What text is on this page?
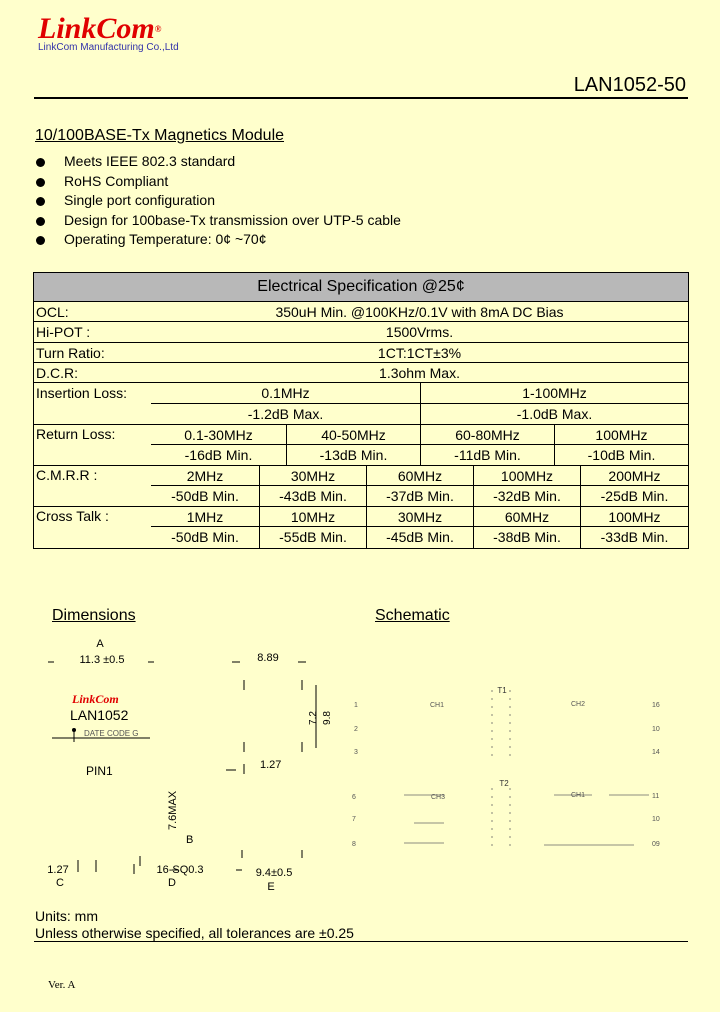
LinkCom®
LinkCom Manufacturing Co.,Ltd
LAN1052-50
10/100BASE-Tx Magnetics Module
Meets IEEE 802.3 standard
RoHS Compliant
Single port configuration
Design for 100base-Tx transmission over UTP-5 cable
Operating Temperature: 0¢ ~70¢
Electrical Specification @25¢
OCL:	350uH Min. @100KHz/0.1V with 8mA DC Bias
Hi-POT :	1500Vrms.
Turn Ratio:	1CT:1CT±3%
D.C.R:	1.3ohm Max.
Insertion Loss:	0.1MHz	1-100MHz
-1.2dB Max.	-1.0dB Max.
Return Loss:	0.1-30MHz	40-50MHz	60-80MHz	100MHz
-16dB Min.	-13dB Min.	-11dB Min.	-10dB Min.
C.M.R.R :	2MHz	30MHz	60MHz	100MHz	200MHz
-50dB Min.	-43dB Min.	-37dB Min.	-32dB Min.	-25dB Min.
Cross Talk :	1MHz	10MHz	30MHz	60MHz	100MHz
-50dB Min.	-55dB Min.	-45dB Min.	-38dB Min.	-33dB Min.
Dimensions
A
11.3 ±0.5	8.89
7.2 9.8
LinkCom
LAN1052
DATE CODE G
PIN1	1.27
B
7.6MAX
1.27
C
16-SQ0.3
D
9.4±0.5
E
Schematic
T1
T2
CH1	CH2
CH3	CH1
1
2
3
6
7
8
16
10
14
11
10
09
Units: mm
Unless otherwise specified, all tolerances are ±0.25
Ver. A
